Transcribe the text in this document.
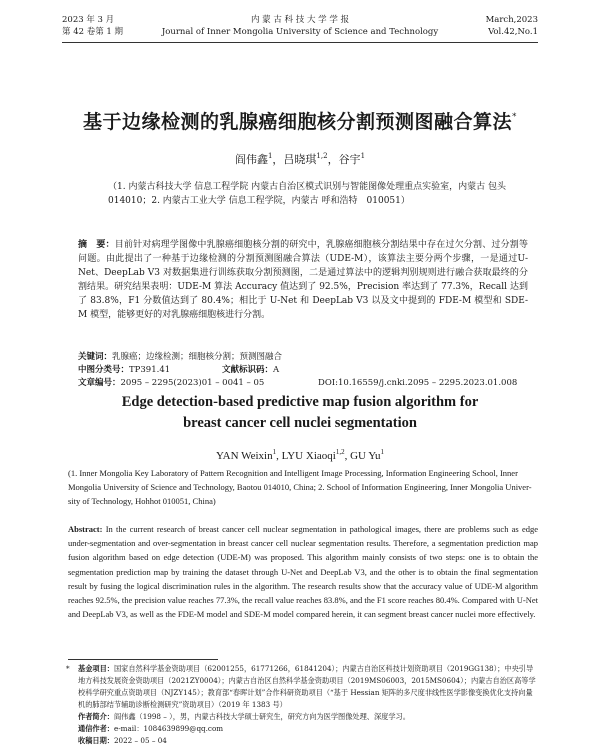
2023 年 3 月
第 42 卷第 1 期
内 蒙 古 科 技 大 学 学 报
Journal of Inner Mongolia University of Science and Technology
March,2023
Vol.42,No.1
基于边缘检测的乳腺癌细胞核分割预测图融合算法*
阎伟鑫$^1$，吕晓琪$^{1,2}$，谷宇$^1$
（1. 内蒙古科技大学 信息工程学院 内蒙古自治区模式识别与智能图像处理重点实验室，内蒙古 包头　014010；2. 内蒙古工业大学 信息工程学院，内蒙古 呼和浩特　010051）
摘　要：目前针对病理学图像中乳腺癌细胞核分割的研究中，乳腺癌细胞核分割结果中存在过欠分割、过分割等问题。由此提出了一种基于边缘检测的分割预测图融合算法（UDE-M），该算法主要分两个步骤，一是通过U-Net、DeepLab V3 对数据集进行训练获取分割预测图，二是通过算法中的逻辑判别规则进行融合获取最终的分割结果。研究结果表明：UDE-M 算法 Accuracy 值达到了 92.5%，Precision 率达到了 77.3%，Recall 达到了 83.8%，F1 分数值达到了 80.4%；相比于 U-Net 和 DeepLab V3 以及文中提到的 FDE-M 模型和 SDE-M 模型，能够更好的对乳腺癌细胞核进行分割。
关键词：乳腺癌；边缘检测；细胞核分割；预测图融合
中图分类号：TP391.41	文献标识码：A
文章编号：2095 – 2295(2023)01 – 0041 – 05	DOI:10.16559/j.cnki.2095 – 2295.2023.01.008
Edge detection-based predictive map fusion algorithm for
breast cancer cell nuclei segmentation
YAN Weixin$^1$, LYU Xiaoqi$^{1,2}$, GU Yu$^1$
(1. Inner Mongolia Key Laboratory of Pattern Recognition and Intelligent Image Processing, Information Engineering School, Inner Mongolia University of Science and Technology, Baotou 014010, China; 2. School of Information Engineering, Inner Mongolia Univer- sity of Technology, Hohhot 010051, China)
Abstract: In the current research of breast cancer cell nuclear segmentation in pathological images, there are problems such as edge under-segmentation and over-segmentation in breast cancer cell nuclear segmentation results. Therefore, a segmentation prediction map fusion algorithm based on edge detection (UDE-M) was proposed. This algorithm mainly consists of two steps: one is to obtain the segmentation prediction map by training the dataset through U-Net and DeepLab V3, and the other is to obtain the final segmentation result by fusing the logical discrimination rules in the algorithm. The research results show that the accuracy value of UDE-M algorithm reaches 92.5%, the precision value reaches 77.3%, the recall value reaches 83.8%, and the F1 score reaches 80.4%. Compared with U-Net and DeepLab V3, as well as the FDE-M model and SDE-M model compared herein, it can segment breast cancer nuclei more effectively.
* 基金项目：国家自然科学基金资助项目（62001255，61771266，61841204）；内蒙古自治区科技计划资助项目（2019GG138）；中央引导地方科技发展资金资助项目（2021ZY0004）；内蒙古自治区自然科学基金资助项目（2019MS06003，2015MS0604）；内蒙古自治区高等学校科学研究重点资助项目（NJZY145）；教育部“春晖计划”合作科研资助项目（“基于 Hessian 矩阵的多尺度非线性医学影像变换优化支持向量机的肺部结节辅助诊断检测研究”资助项目）（2019 年 1383 号）

作者简介：阎伟鑫（1998 – ），男，内蒙古科技大学硕士研究生，研究方向为医学图像处理、深度学习。

通信作者：e-mail：1084639899@qq.com

收稿日期：2022 – 05 – 04
